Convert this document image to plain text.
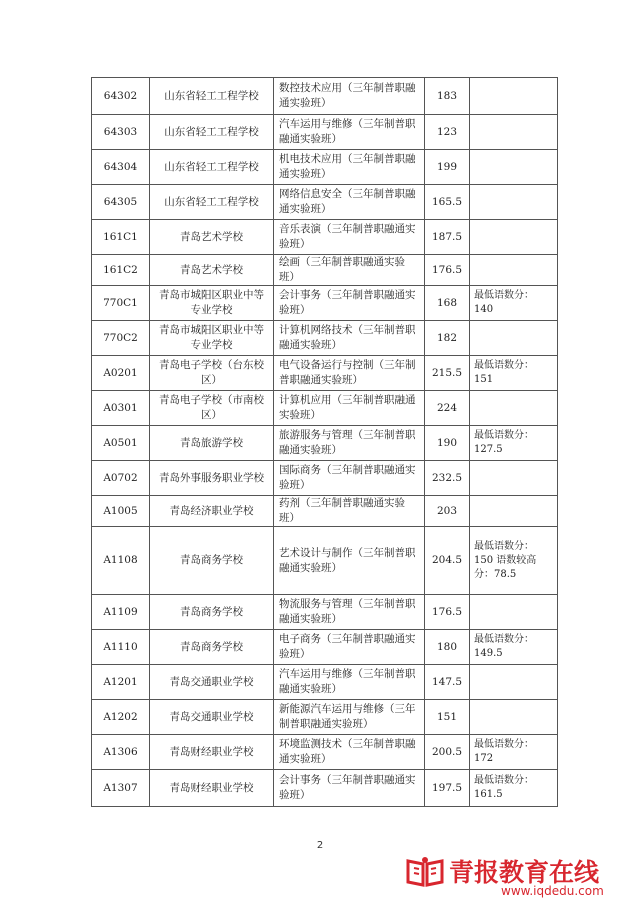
64302	山东省轻工工程学校	数控技术应用（三年制普职融通实验班）	183	
64303	山东省轻工工程学校	汽车运用与维修（三年制普职融通实验班）	123	
64304	山东省轻工工程学校	机电技术应用（三年制普职融通实验班）	199	
64305	山东省轻工工程学校	网络信息安全（三年制普职融通实验班）	165.5	
161C1	青岛艺术学校	音乐表演（三年制普职融通实验班）	187.5	
161C2	青岛艺术学校	绘画（三年制普职融通实验班）	176.5	
770C1	青岛市城阳区职业中等专业学校	会计事务（三年制普职融通实验班）	168	最低语数分：140
770C2	青岛市城阳区职业中等专业学校	计算机网络技术（三年制普职融通实验班）	182	
A0201	青岛电子学校（台东校区）	电气设备运行与控制（三年制普职融通实验班）	215.5	最低语数分：151
A0301	青岛电子学校（市南校区）	计算机应用（三年制普职融通实验班）	224	
A0501	青岛旅游学校	旅游服务与管理（三年制普职融通实验班）	190	最低语数分：127.5
A0702	青岛外事服务职业学校	国际商务（三年制普职融通实验班）	232.5	
A1005	青岛经济职业学校	药剂（三年制普职融通实验班）	203	
A1108	青岛商务学校	艺术设计与制作（三年制普职融通实验班）	204.5	最低语数分：150 语数较高分：78.5
A1109	青岛商务学校	物流服务与管理（三年制普职融通实验班）	176.5	
A1110	青岛商务学校	电子商务（三年制普职融通实验班）	180	最低语数分：149.5
A1201	青岛交通职业学校	汽车运用与维修（三年制普职融通实验班）	147.5	
A1202	青岛交通职业学校	新能源汽车运用与维修（三年制普职融通实验班）	151	
A1306	青岛财经职业学校	环境监测技术（三年制普职融通实验班）	200.5	最低语数分：172
A1307	青岛财经职业学校	会计事务（三年制普职融通实验班）	197.5	最低语数分：161.5
2
青报教育在线
www.iqdedu.com
